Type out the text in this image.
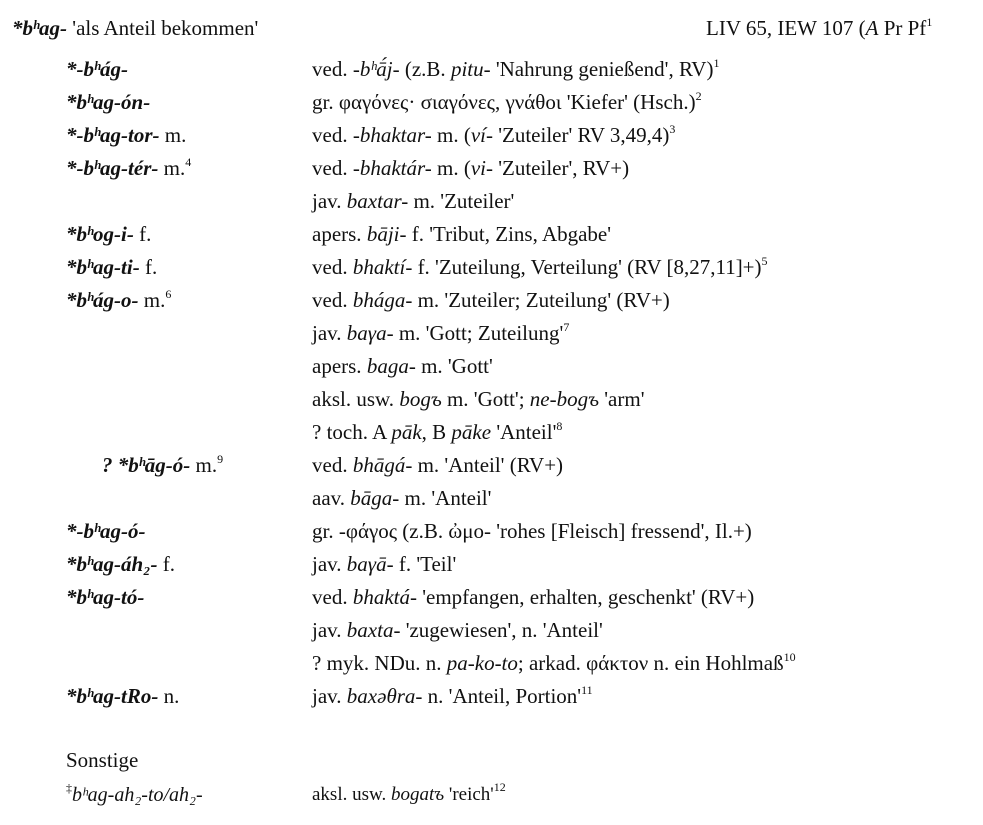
*bʰag- 'als Anteil bekommen'	LIV 65, IEW 107 (A Pr Pf$^1$
*-bʰág-	ved. -bʰā́j- (z.B. pitu- 'Nahrung genießend', RV)$^1$
*bʰag-ón-	gr. φαγόνες· σιαγόνες, γνάθοι 'Kiefer' (Hsch.)$^2$
*-bʰag-tor- m.	ved. -bhaktar- m. (ví- 'Zuteiler' RV 3,49,4)$^3$
*-bʰag-tér- m.$^4$	ved. -bhaktár- m. (vi- 'Zuteiler', RV+)
jav. baxtar- m. 'Zuteiler'
*bʰog-i- f.	apers. bāji- f. 'Tribut, Zins, Abgabe'
*bʰag-ti- f.	ved. bhaktí- f. 'Zuteilung, Verteilung' (RV [8,27,11]+)$^5$
*bʰág-o- m.$^6$	ved. bhága- m. 'Zuteiler; Zuteilung' (RV+)
jav. baγa- m. 'Gott; $Zuteilung'^7$
apers. baga- m. 'Gott'
aksl. usw. bogъ m. 'Gott'; ne-bogъ 'arm'
? toch. A pāk, B pāke '$Anteil'^8$
? *bʰāg-ó- m.$^9$	ved. bhāgá- m. 'Anteil' (RV+)
aav. bāga- m. 'Anteil'
*-bʰag-ó-	gr. -φάγος (z.B. ὠμο- 'rohes [Fleisch] fressend', Il.+)
*bʰag-áh₂- f.	jav. baγā- f. 'Teil'
*bʰag-tó-	ved. bhaktá- 'empfangen, erhalten, geschenkt' (RV+)
jav. baxta- 'zugewiesen', n. 'Anteil'
? myk. NDu. n. pa-ko-to; arkad. φάκτον n. ein Hohlmaß$^{10}$
*bʰag-tRo- n.	jav. baxəθra- n. 'Anteil, $Portion'^{11}$
Sonstige
‡bʰag-ah₂-to/ah₂-	aksl. usw. bogatъ '$reich'^{12}$
